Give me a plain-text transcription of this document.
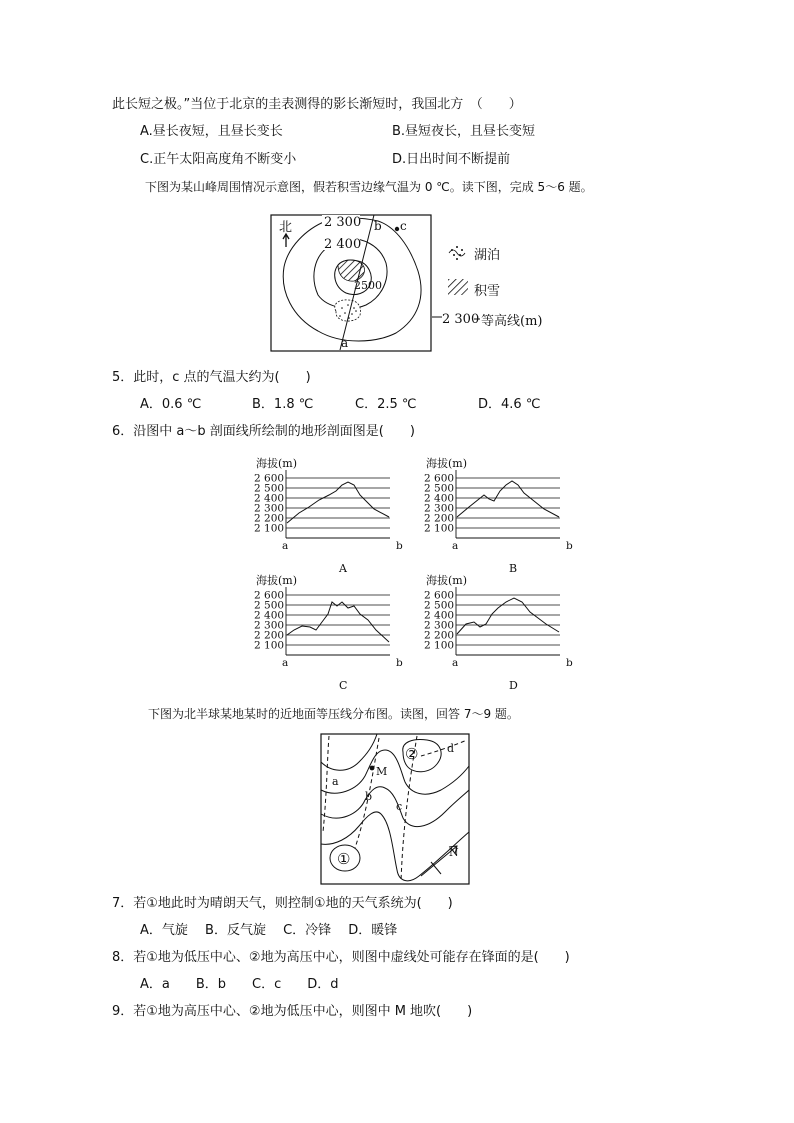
此长短之极。”当位于北京的圭表测得的影长渐短时，我国北方　（　　）
A.昼长夜短，且昼长变长	B.昼短夜长，且昼长变短
C.正午太阳高度角不断变小	D.日出时间不断提前
下图为某山峰周围情况示意图，假若积雪边缘气温为 0 ℃。读下图，完成 5～6 题。
北 2 300
2 400
2500
b c
a
湖泊
积雪
2 300 等高线(m)
5．此时，c 点的气温大约为(　　)
A．0.6 ℃	B．1.8 ℃	C．2.5 ℃	D．4.6 ℃
6．沿图中 a～b 剖面线所绘制的地形剖面图是(　　)
海拔(m)
2 600
2 500
2 400
2 300
2 200
2 100
a	b
A
海拔(m)
2 600
2 500
2 400
2 300
2 200
2 100
a	b
B
海拔(m)
2 600
2 500
2 400
2 300
2 200
2 100
a	b
C
海拔(m)
2 600
2 500
2 400
2 300
2 200
2 100
a	b
D
下图为北半球某地某时的近地面等压线分布图。读图，回答 7～9 题。
①
②
a
b
c
d
M
N
7．若①地此时为晴朗天气，则控制①地的天气系统为(　　)
A．气旋　 B．反气旋　 C．冷锋　 D．暖锋
8．若①地为低压中心、②地为高压中心，则图中虚线处可能存在锋面的是(　　)
A．a　　B．b　　C．c　　D．d
9．若①地为高压中心、②地为低压中心，则图中 M 地吹(　　)
